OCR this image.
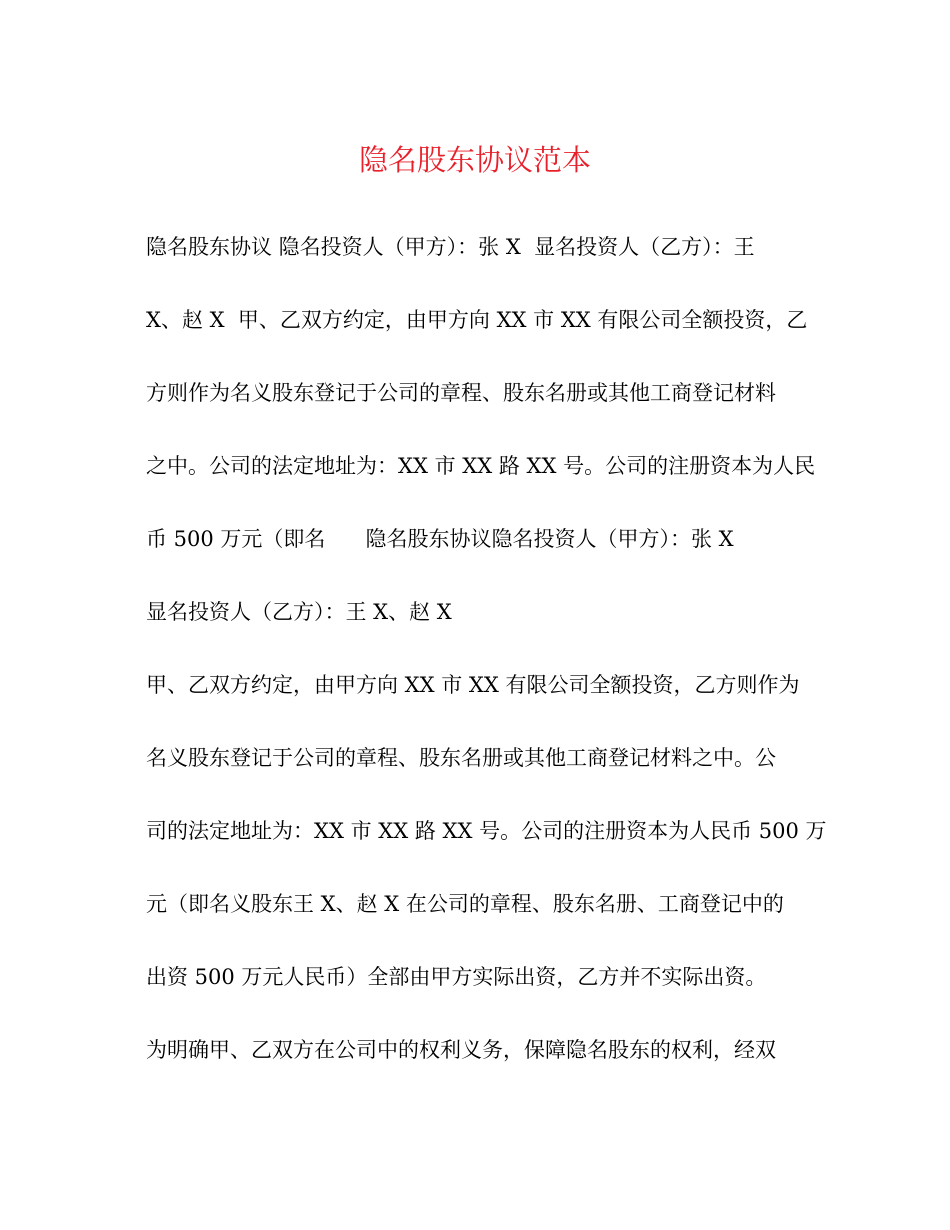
隐名股东协议范本
隐名股东协议 隐名投资人（甲方）：张 X  显名投资人（乙方）：王
X、赵 X  甲、乙双方约定，由甲方向 XX 市 XX 有限公司全额投资，乙
方则作为名义股东登记于公司的章程、股东名册或其他工商登记材料
之中。公司的法定地址为：XX 市 XX 路 XX 号。公司的注册资本为人民
币 500 万元（即名      隐名股东协议隐名投资人（甲方）：张 X
显名投资人（乙方）：王 X、赵 X
甲、乙双方约定，由甲方向 XX 市 XX 有限公司全额投资，乙方则作为
名义股东登记于公司的章程、股东名册或其他工商登记材料之中。公
司的法定地址为：XX 市 XX 路 XX 号。公司的注册资本为人民币 500 万
元（即名义股东王 X、赵 X 在公司的章程、股东名册、工商登记中的
出资 500 万元人民币）全部由甲方实际出资，乙方并不实际出资。
为明确甲、乙双方在公司中的权利义务，保障隐名股东的权利，经双
